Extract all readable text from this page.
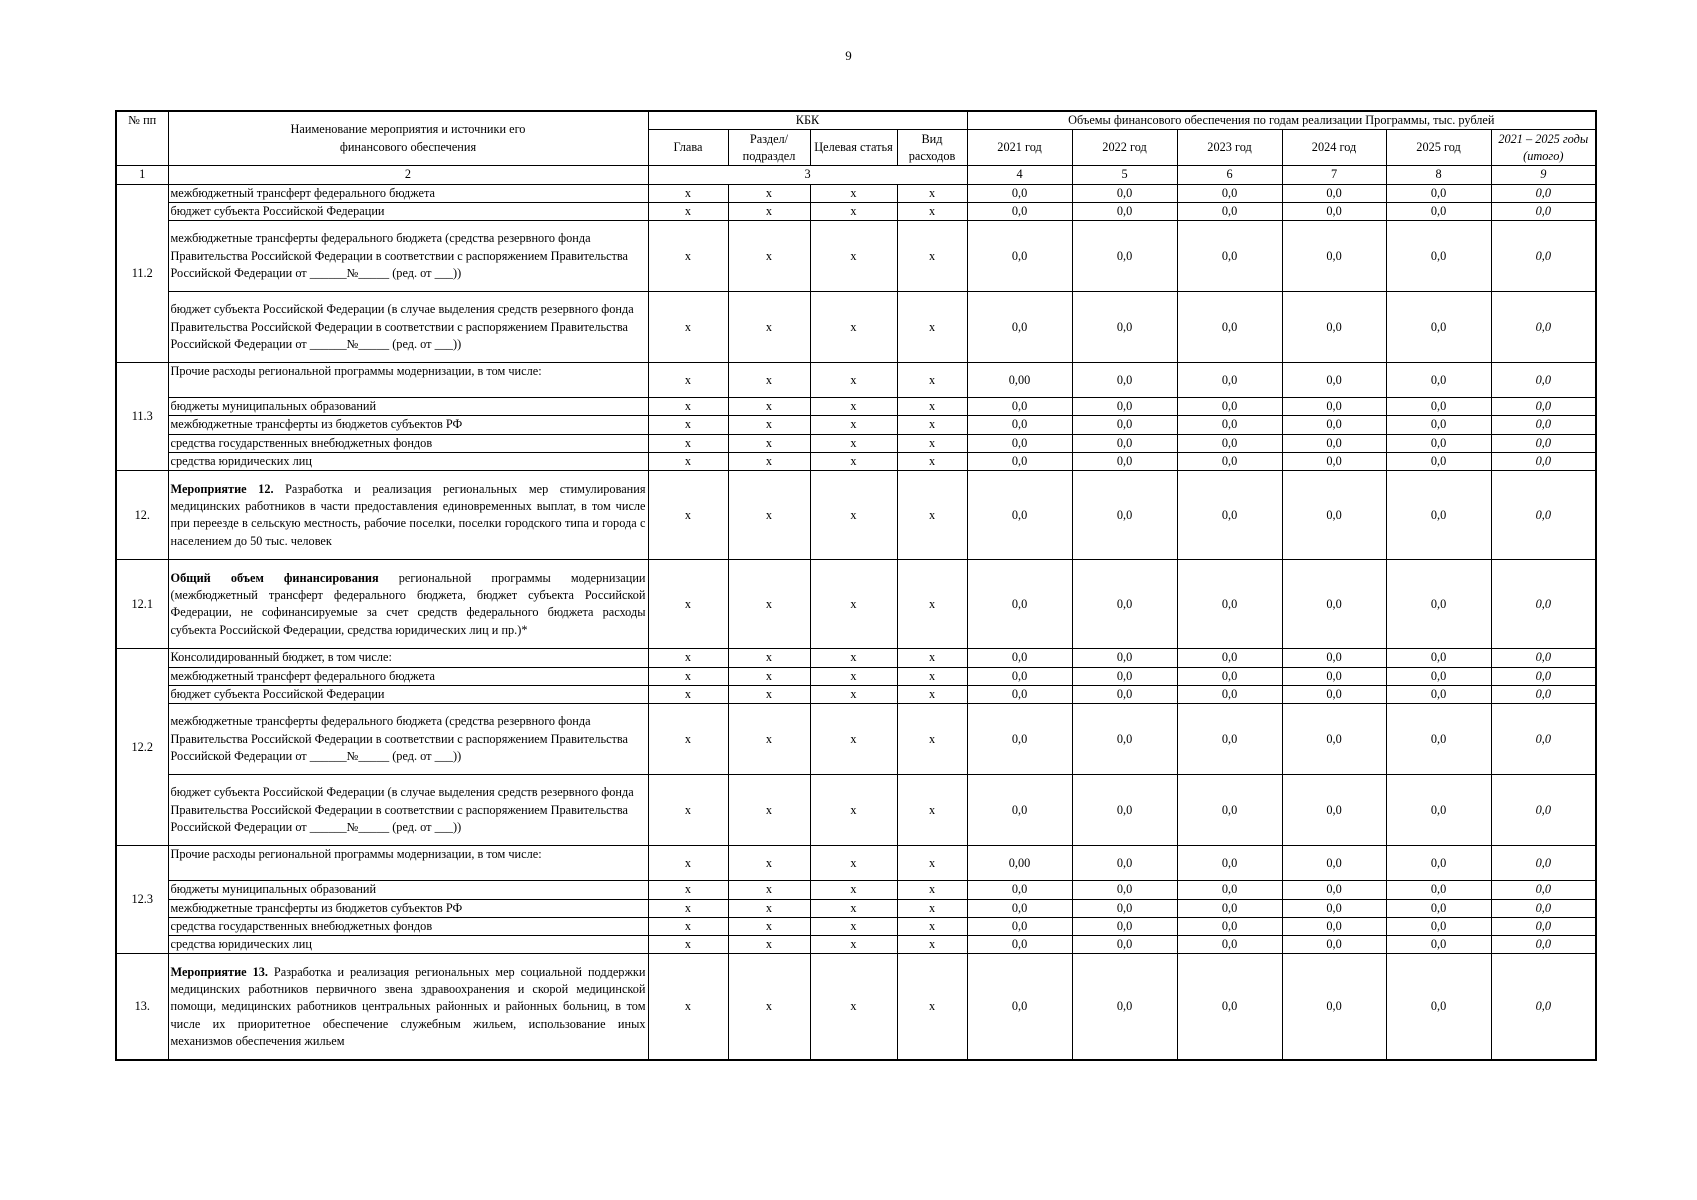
9
№ пп	Наименование мероприятия и источники его финансового обеспечения	КБК				Объемы финансового обеспечения по годам реализации Программы, тыс. рублей					
		Глава	Раздел/ подраздел	Целевая статья	Вид расходов	2021 год	2022 год	2023 год	2024 год	2025 год	2021 – 2025 годы (итого)
1	2	3				4	5	6	7	8	9
11.2	межбюджетный трансферт федерального бюджета	x	x	x	x	0,0	0,0	0,0	0,0	0,0	0,0
	бюджет субъекта Российской Федерации	x	x	x	x	0,0	0,0	0,0	0,0	0,0	0,0
	межбюджетные трансферты федерального бюджета (средства резервного фонда Правительства Российской Федерации в соответствии с распоряжением Правительства Российской Федерации от ______№_____ (ред. от ___))	x	x	x	x	0,0	0,0	0,0	0,0	0,0	0,0
	бюджет субъекта Российской Федерации (в случае выделения средств резервного фонда Правительства Российской Федерации в соответствии с распоряжением Правительства Российской Федерации от ______№_____ (ред. от ___))	x	x	x	x	0,0	0,0	0,0	0,0	0,0	0,0
11.3	Прочие расходы региональной программы модернизации, в том числе:	x	x	x	x	0,00	0,0	0,0	0,0	0,0	0,0
	бюджеты муниципальных образований	x	x	x	x	0,0	0,0	0,0	0,0	0,0	0,0
	межбюджетные трансферты из бюджетов субъектов РФ	x	x	x	x	0,0	0,0	0,0	0,0	0,0	0,0
	средства государственных внебюджетных фондов	x	x	x	x	0,0	0,0	0,0	0,0	0,0	0,0
	средства юридических лиц	x	x	x	x	0,0	0,0	0,0	0,0	0,0	0,0
12.	Мероприятие 12. Разработка и реализация региональных мер стимулирования медицинских работников в части предоставления единовременных выплат, в том числе при переезде в сельскую местность, рабочие поселки, поселки городского типа и города с населением до 50 тыс. человек	x	x	x	x	0,0	0,0	0,0	0,0	0,0	0,0
12.1	Общий объем финансирования региональной программы модернизации (межбюджетный трансферт федерального бюджета, бюджет субъекта Российской Федерации, не софинансируемые за счет средств федерального бюджета расходы субъекта Российской Федерации, средства юридических лиц и пр.)*	x	x	x	x	0,0	0,0	0,0	0,0	0,0	0,0
12.2	Консолидированный бюджет, в том числе:	x	x	x	x	0,0	0,0	0,0	0,0	0,0	0,0
	межбюджетный трансферт федерального бюджета	x	x	x	x	0,0	0,0	0,0	0,0	0,0	0,0
	бюджет субъекта Российской Федерации	x	x	x	x	0,0	0,0	0,0	0,0	0,0	0,0
	межбюджетные трансферты федерального бюджета (средства резервного фонда Правительства Российской Федерации в соответствии с распоряжением Правительства Российской Федерации от ______№_____ (ред. от ___))	x	x	x	x	0,0	0,0	0,0	0,0	0,0	0,0
	бюджет субъекта Российской Федерации (в случае выделения средств резервного фонда Правительства Российской Федерации в соответствии с распоряжением Правительства Российской Федерации от ______№_____ (ред. от ___))	x	x	x	x	0,0	0,0	0,0	0,0	0,0	0,0
12.3	Прочие расходы региональной программы модернизации, в том числе:	x	x	x	x	0,00	0,0	0,0	0,0	0,0	0,0
	бюджеты муниципальных образований	x	x	x	x	0,0	0,0	0,0	0,0	0,0	0,0
	межбюджетные трансферты из бюджетов субъектов РФ	x	x	x	x	0,0	0,0	0,0	0,0	0,0	0,0
	средства государственных внебюджетных фондов	x	x	x	x	0,0	0,0	0,0	0,0	0,0	0,0
	средства юридических лиц	x	x	x	x	0,0	0,0	0,0	0,0	0,0	0,0
13.	Мероприятие 13. Разработка и реализация региональных мер социальной поддержки медицинских работников первичного звена здравоохранения и скорой медицинской помощи, медицинских работников центральных районных и районных больниц, в том числе их приоритетное обеспечение служебным жильем, использование иных механизмов обеспечения жильем	x	x	x	x	0,0	0,0	0,0	0,0	0,0	0,0
